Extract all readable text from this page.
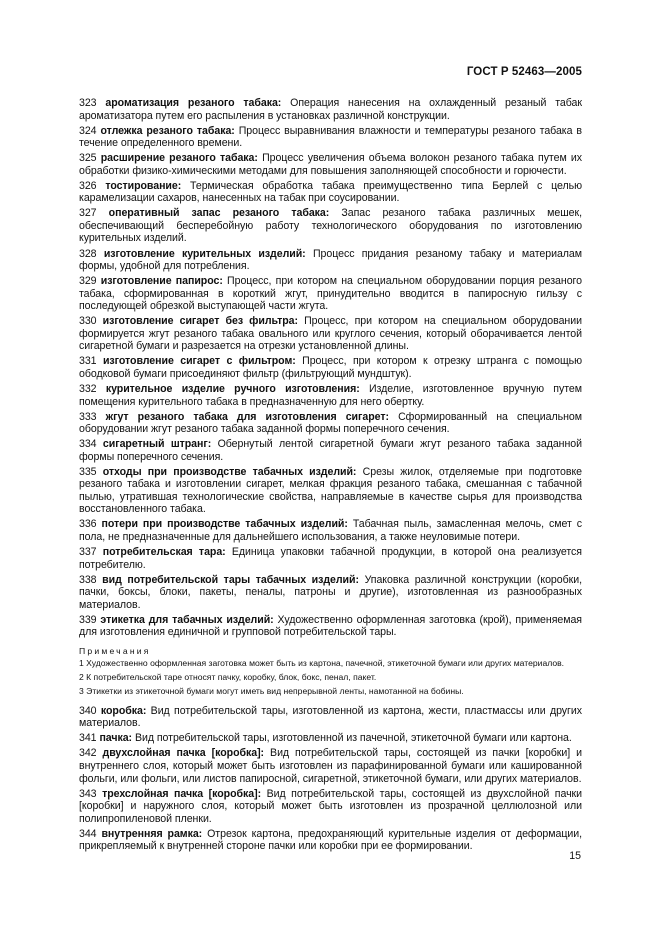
ГОСТ Р 52463—2005
323 ароматизация резаного табака: Операция нанесения на охлажденный резаный табак ароматизатора путем его распыления в установках различной конструкции.
324 отлежка резаного табака: Процесс выравнивания влажности и температуры резаного табака в течение определенного времени.
325 расширение резаного табака: Процесс увеличения объема волокон резаного табака путем их обработки физико-химическими методами для повышения заполняющей способности и горючести.
326 тостирование: Термическая обработка табака преимущественно типа Берлей с целью карамелизации сахаров, нанесенных на табак при соусировании.
327 оперативный запас резаного табака: Запас резаного табака различных мешек, обеспечивающий бесперебойную работу технологического оборудования по изготовлению курительных изделий.
328 изготовление курительных изделий: Процесс придания резаному табаку и материалам формы, удобной для потребления.
329 изготовление папирос: Процесс, при котором на специальном оборудовании порция резаного табака, сформированная в короткий жгут, принудительно вводится в папиросную гильзу с последующей обрезкой выступающей части жгута.
330 изготовление сигарет без фильтра: Процесс, при котором на специальном оборудовании формируется жгут резаного табака овального или круглого сечения, который оборачивается лентой сигаретной бумаги и разрезается на отрезки установленной длины.
331 изготовление сигарет с фильтром: Процесс, при котором к отрезку штранга с помощью ободковой бумаги присоединяют фильтр (фильтрующий мундштук).
332 курительное изделие ручного изготовления: Изделие, изготовленное вручную путем помещения курительного табака в предназначенную для него обертку.
333 жгут резаного табака для изготовления сигарет: Сформированный на специальном оборудовании жгут резаного табака заданной формы поперечного сечения.
334 сигаретный штранг: Обернутый лентой сигаретной бумаги жгут резаного табака заданной формы поперечного сечения.
335 отходы при производстве табачных изделий: Срезы жилок, отделяемые при подготовке резаного табака и изготовлении сигарет, мелкая фракция резаного табака, смешанная с табачной пылью, утратившая технологические свойства, направляемые в качестве сырья для производства восстановленного табака.
336 потери при производстве табачных изделий: Табачная пыль, замасленная мелочь, смет с пола, не предназначенные для дальнейшего использования, а также неуловимые потери.
337 потребительская тара: Единица упаковки табачной продукции, в которой она реализуется потребителю.
338 вид потребительской тары табачных изделий: Упаковка различной конструкции (коробки, пачки, боксы, блоки, пакеты, пеналы, патроны и другие), изготовленная из разнообразных материалов.
339 этикетка для табачных изделий: Художественно оформленная заготовка (крой), применяемая для изготовления единичной и групповой потребительской тары.
Примечания
1 Художественно оформленная заготовка может быть из картона, пачечной, этикеточной бумаги или других материалов.
2 К потребительской таре относят пачку, коробку, блок, бокс, пенал, пакет.
3 Этикетки из этикеточной бумаги могут иметь вид непрерывной ленты, намотанной на бобины.
340 коробка: Вид потребительской тары, изготовленной из картона, жести, пластмассы или других материалов.
341 пачка: Вид потребительской тары, изготовленной из пачечной, этикеточной бумаги или картона.
342 двухслойная пачка [коробка]: Вид потребительской тары, состоящей из пачки [коробки] и внутреннего слоя, который может быть изготовлен из парафинированной бумаги или кашированной фольги, или фольги, или листов папиросной, сигаретной, этикеточной бумаги, или других материалов.
343 трехслойная пачка [коробка]: Вид потребительской тары, состоящей из двухслойной пачки [коробки] и наружного слоя, который может быть изготовлен из прозрачной целлюлозной или полипропиленовой пленки.
344 внутренняя рамка: Отрезок картона, предохраняющий курительные изделия от деформации, прикрепляемый к внутренней стороне пачки или коробки при ее формировании.
15
